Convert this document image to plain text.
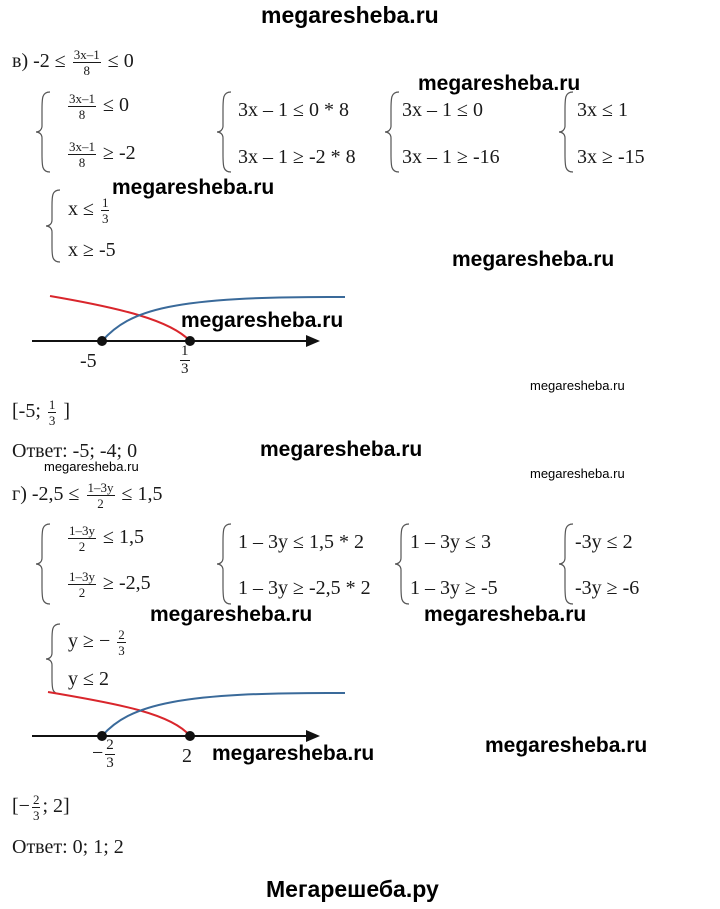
megaresheba.ru
в) $-2 \le \frac{3x-1}{8} \le 0$
megaresheba.ru
$\frac{3x-1}{8} \le 0$
$\frac{3x-1}{8} \ge -2$
3x – 1 ≤ 0 * 8
3x – 1 ≥ -2 * 8
3x – 1 ≤ 0
3x – 1 ≥ -16
3x ≤ 1
3x ≥ -15
$x \le \frac{1}{3}$
x ≥ -5
megaresheba.ru
megaresheba.ru
-5	$\frac{1}{3}$
megaresheba.ru
megaresheba.ru
[-5; $\frac{1}{3}$ ]
Ответ: -5; -4; 0
megaresheba.ru
megaresheba.ru
megaresheba.ru
г) $-2,5 \le \frac{1-3y}{2} \le 1,5$
$\frac{1-3y}{2} \le 1,5$
$\frac{1-3y}{2} \ge -2,5$
1 – 3y ≤ 1,5 * 2
1 – 3y ≥ -2,5 * 2
1 – 3y ≤ 3
1 – 3y ≥ -5
-3y ≤ 2
-3y ≥ -6
megaresheba.ru	megaresheba.ru
y ≥ − $\frac{2}{3}$
y ≤ 2
− $\frac{2}{3}$	2 megaresheba.ru	megaresheba.ru
[− $\frac{2}{3}$ ; 2]
Ответ: 0; 1; 2
Мегарешеба.ру
